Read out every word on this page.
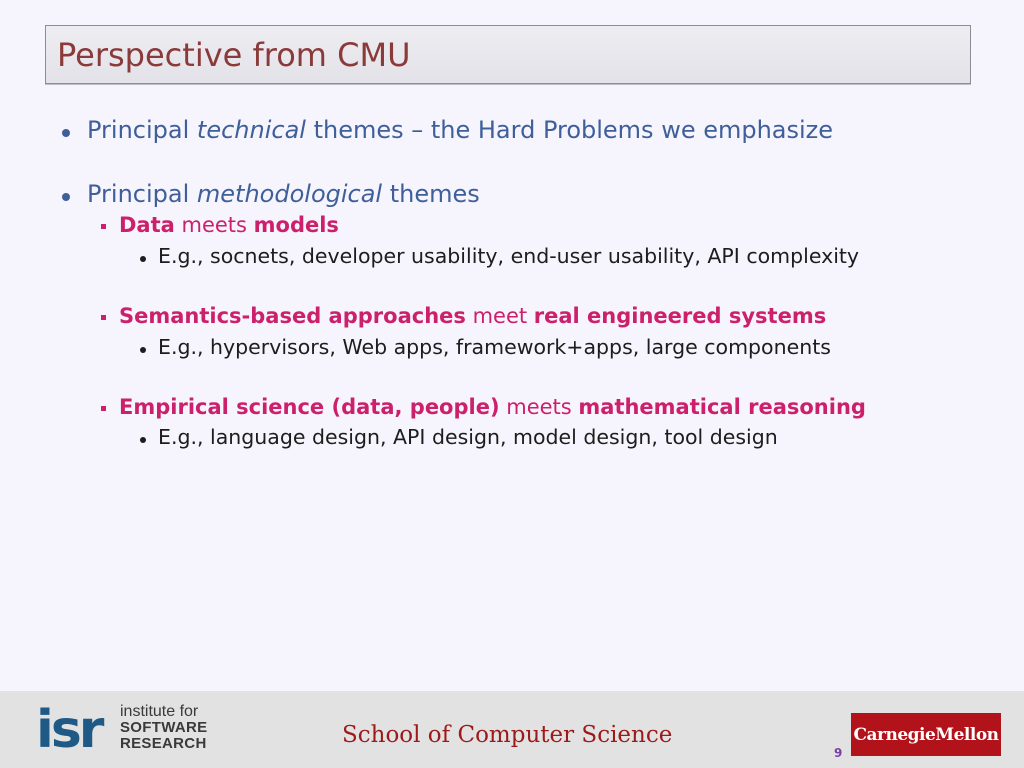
Perspective from CMU
Principal technical themes – the Hard Problems we emphasize
Principal methodological themes
Data meets models
E.g., socnets, developer usability, end-user usability, API complexity
Semantics-based approaches meet real engineered systems
E.g., hypervisors, Web apps, framework+apps, large components
Empirical science (data, people) meets mathematical reasoning
E.g., language design, API design, model design, tool design
isr institute for
SOFTWARE
RESEARCH	School of Computer Science
9
CarnegieMellon
